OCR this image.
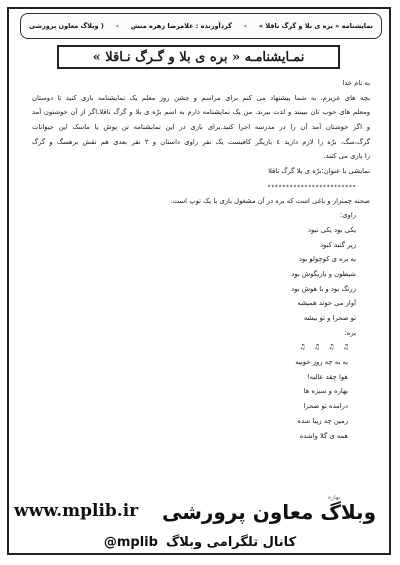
نمایشنامه « بره ی بلا و گرگ ناقلا »
-
گردآورنده : غلامرضا زهره منش
-
( وبلاگ معاون پرورشی
نمـایشنامـه « بره ی بلا و گـرگ نـاقلا »
به نام خدا
بچه های عزیزم، به شما پیشنهاد می کنم برای مراسم و جشن روز معلم یک نمایشنامه بازی کنید تا دوستان
ومعلم های خوب تان ببینند و لذت ببرند. من یک نمایشنامه دارم به اسم برّه ی بلا و گرگ ناقلا.اگر از آن خوشتون آمد
و اگر خوشتان آمد آن را در مدرسه اجرا کنید.برای بازی در این نمایشنامه تن پوش یا ماسک این حیوانات
گرگ،سگ، برّه را لازم دارید ٤ بازیگر کافیست یک نفر راوی داستان و ٣ نفر بعدی هم نقش برهسگ و گرگ
را بازی می کنند.
نمایشی با عنوان:برّه ی بلا گرگ ناقلا
٭٭٭٭٭٭٭٭٭٭٭٭٭٭٭٭٭٭٭٭٭٭٭٭
صحنه چمنزار و باغی است که بره در آن مشغول بازی با یک توپ است.
راوی:
یکی بود یکی نبود
زیر گنبد کبود
یه بره ی کوچولو بود
شیطون و بازیگوش بود
زرنگ بود و با هوش بود
آواز می خوند همیشه
تو صحرا و تو بیشه
بره:
♫ ♫ ♫ ♫
به به چه روز خوبیه
هوا چقد عالیه!
بهاره و سبزه ها
درامده تو صحرا
زمین چه زیبا شده
همه ی گلا واشده
بهاره
www.mplib.ir وبلاگ معاون پرورشی
کانال تلگرامی وبلاگ
@mplib
